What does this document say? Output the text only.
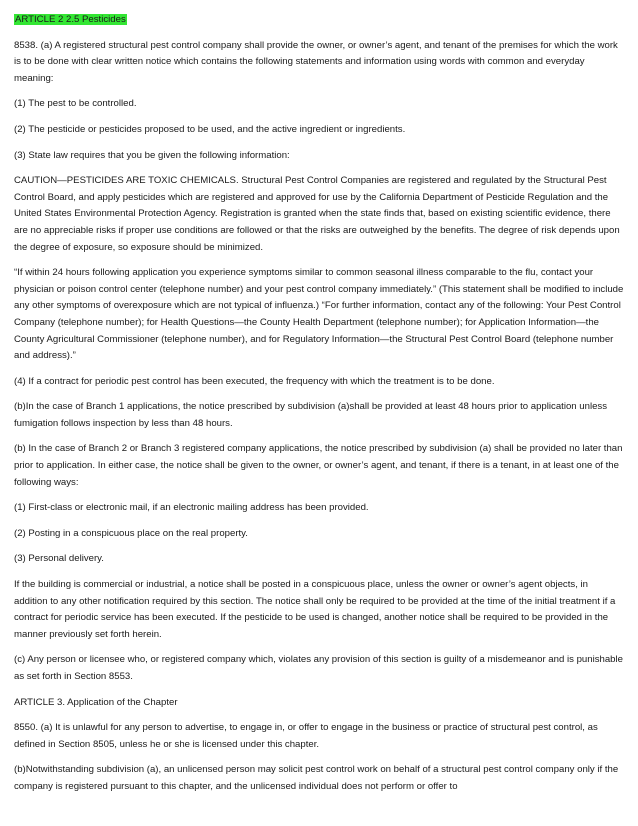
ARTICLE 2 2.5 Pesticides

8538. (a) A registered structural pest control company shall provide the owner, or owner’s agent, and tenant of the premises for which the work is to be done with clear written notice which contains the following statements and information using words with common and everyday meaning:

(1) The pest to be controlled.

(2) The pesticide or pesticides proposed to be used, and the active ingredient or ingredients.

(3) State law requires that you be given the following information:

CAUTION—PESTICIDES ARE TOXIC CHEMICALS. Structural Pest Control Companies are registered and regulated by the Structural Pest Control Board, and apply pesticides which are registered and approved for use by the California Department of Pesticide Regulation and the United States Environmental Protection Agency. Registration is granted when the state finds that, based on existing scientific evidence, there are no appreciable risks if proper use conditions are followed or that the risks are outweighed by the benefits. The degree of risk depends upon the degree of exposure, so exposure should be minimized.

“If within 24 hours following application you experience symptoms similar to common seasonal illness comparable to the flu, contact your physician or poison control center (telephone number) and your pest control company immediately.” (This statement shall be modified to include any other symptoms of overexposure which are not typical of influenza.) “For further information, contact any of the following: Your Pest Control Company (telephone number); for Health Questions—the County Health Department (telephone number); for Application Information—the County Agricultural Commissioner (telephone number), and for Regulatory Information—the Structural Pest Control Board (telephone number and address).”

(4) If a contract for periodic pest control has been executed, the frequency with which the treatment is to be done.

(b)In the case of Branch 1 applications, the notice prescribed by subdivision (a)shall be provided at least 48 hours prior to application unless fumigation follows inspection by less than 48 hours.

(b) In the case of Branch 2 or Branch 3 registered company applications, the notice prescribed by subdivision (a) shall be provided no later than prior to application. In either case, the notice shall be given to the owner, or owner’s agent, and tenant, if there is a tenant, in at least one of the following ways:

(1) First-class or electronic mail, if an electronic mailing address has been provided.

(2) Posting in a conspicuous place on the real property.

(3) Personal delivery.

If the building is commercial or industrial, a notice shall be posted in a conspicuous place, unless the owner or owner’s agent objects, in addition to any other notification required by this section. The notice shall only be required to be provided at the time of the initial treatment if a contract for periodic service has been executed. If the pesticide to be used is changed, another notice shall be required to be provided in the manner previously set forth herein.

(c) Any person or licensee who, or registered company which, violates any provision of this section is guilty of a misdemeanor and is punishable as set forth in Section 8553.

ARTICLE 3. Application of the Chapter

8550. (a) It is unlawful for any person to advertise, to engage in, or offer to engage in the business or practice of structural pest control, as defined in Section 8505, unless he or she is licensed under this chapter.

(b)Notwithstanding subdivision (a), an unlicensed person may solicit pest control work on behalf of a structural pest control company only if the company is registered pursuant to this chapter, and the unlicensed individual does not perform or offer to
